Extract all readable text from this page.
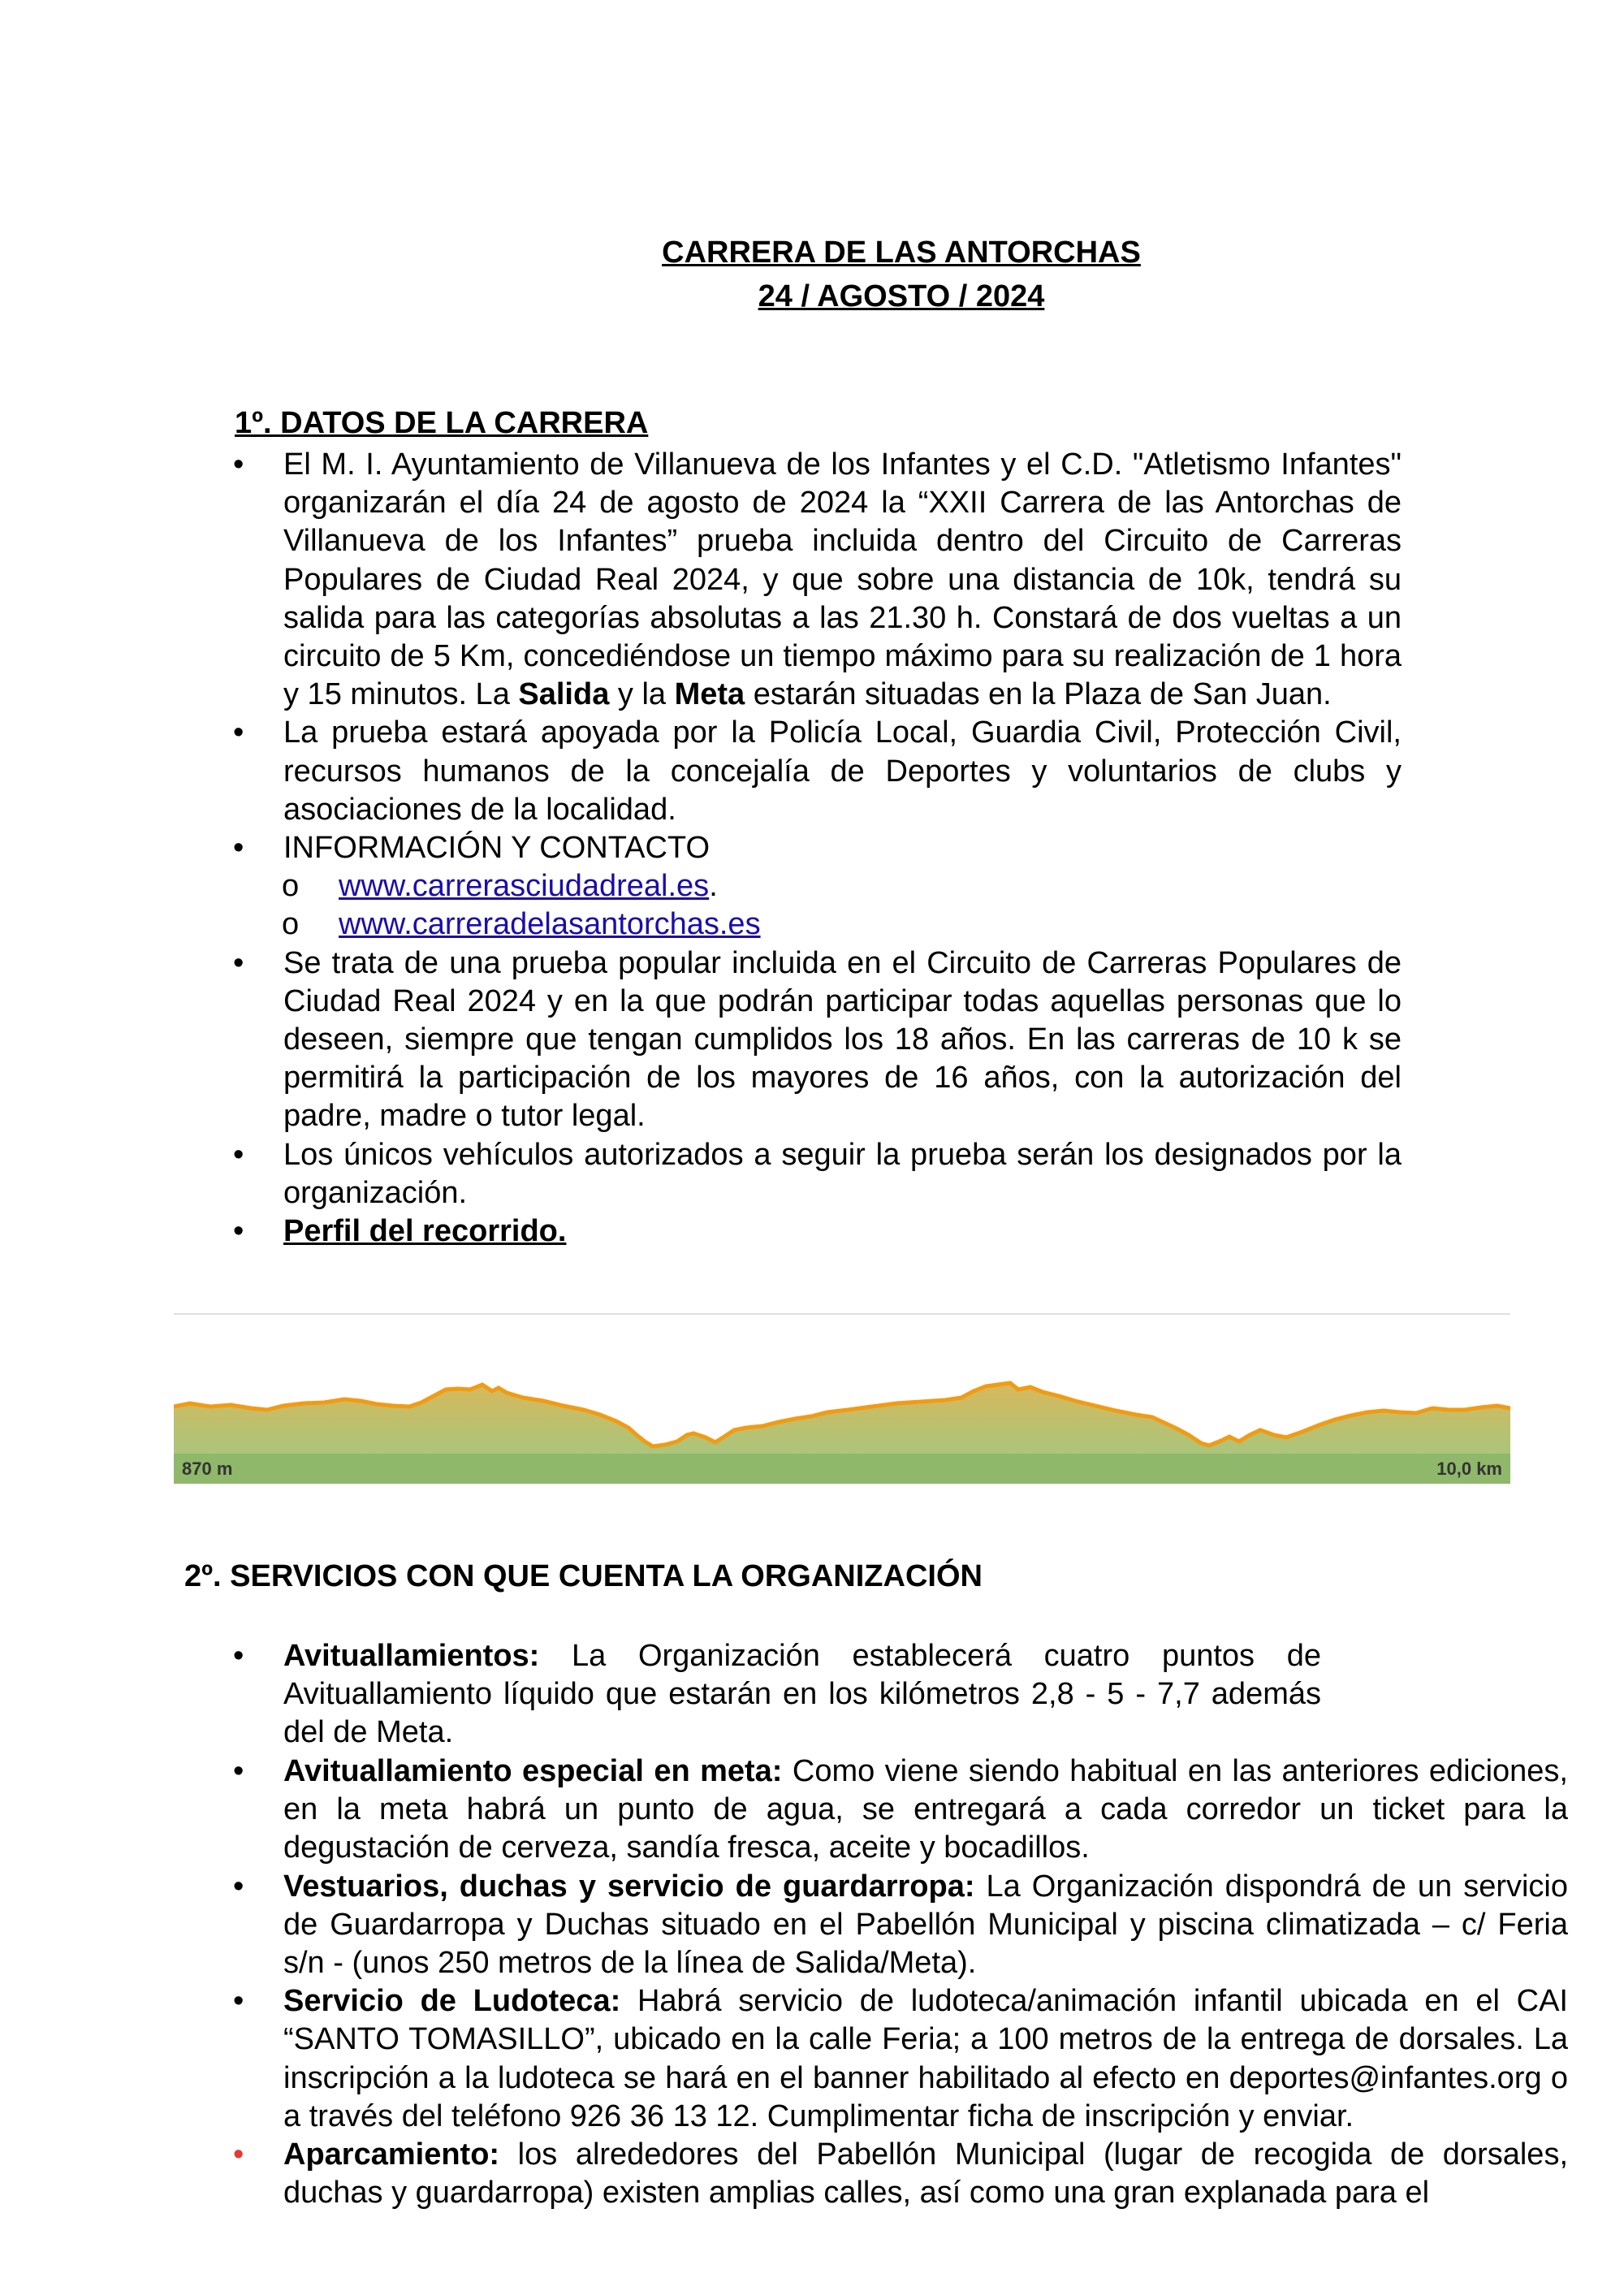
CARRERA DE LAS ANTORCHAS
24 / AGOSTO / 2024
1º. DATOS DE LA CARRERA
• El M. I. Ayuntamiento de Villanueva de los Infantes y el C.D. "Atletismo Infantes" organizarán el día 24 de agosto de 2024 la “XXII Carrera de las Antorchas de Villanueva de los Infantes” prueba incluida dentro del Circuito de Carreras Populares de Ciudad Real 2024, y que sobre una distancia de 10k, tendrá su salida para las categorías absolutas a las 21.30 h. Constará de dos vueltas a un circuito de 5 Km, concediéndose un tiempo máximo para su realización de 1 hora y 15 minutos. La Salida y la Meta estarán situadas en la Plaza de San Juan.
• La prueba estará apoyada por la Policía Local, Guardia Civil, Protección Civil, recursos humanos de la concejalía de Deportes y voluntarios de clubs y asociaciones de la localidad.
• INFORMACIÓN Y CONTACTO
o www.carrerasciudadreal.es.
o www.carreradelasantorchas.es
• Se trata de una prueba popular incluida en el Circuito de Carreras Populares de Ciudad Real 2024 y en la que podrán participar todas aquellas personas que lo deseen, siempre que tengan cumplidos los 18 años. En las carreras de 10 k se permitirá la participación de los mayores de 16 años, con la autorización del padre, madre o tutor legal.
• Los únicos vehículos autorizados a seguir la prueba serán los designados por la organización.
• Perfil del recorrido.
870 m	10,0 km
2º. SERVICIOS CON QUE CUENTA LA ORGANIZACIÓN
• Avituallamientos: La Organización establecerá cuatro puntos de Avituallamiento líquido que estarán en los kilómetros 2,8 - 5 - 7,7 además del de Meta.
• Avituallamiento especial en meta: Como viene siendo habitual en las anteriores ediciones, en la meta habrá un punto de agua, se entregará a cada corredor un ticket para la degustación de cerveza, sandía fresca, aceite y bocadillos.
• Vestuarios, duchas y servicio de guardarropa: La Organización dispondrá de un servicio de Guardarropa y Duchas situado en el Pabellón Municipal y piscina climatizada – c/ Feria s/n - (unos 250 metros de la línea de Salida/Meta).
• Servicio de Ludoteca: Habrá servicio de ludoteca/animación infantil ubicada en el CAI “SANTO TOMASILLO”, ubicado en la calle Feria; a 100 metros de la entrega de dorsales. La inscripción a la ludoteca se hará en el banner habilitado al efecto en deportes@infantes.org o a través del teléfono 926 36 13 12. Cumplimentar ficha de inscripción y enviar.
• Aparcamiento: los alrededores del Pabellón Municipal (lugar de recogida de dorsales, duchas y guardarropa) existen amplias calles, así como una gran explanada para el
